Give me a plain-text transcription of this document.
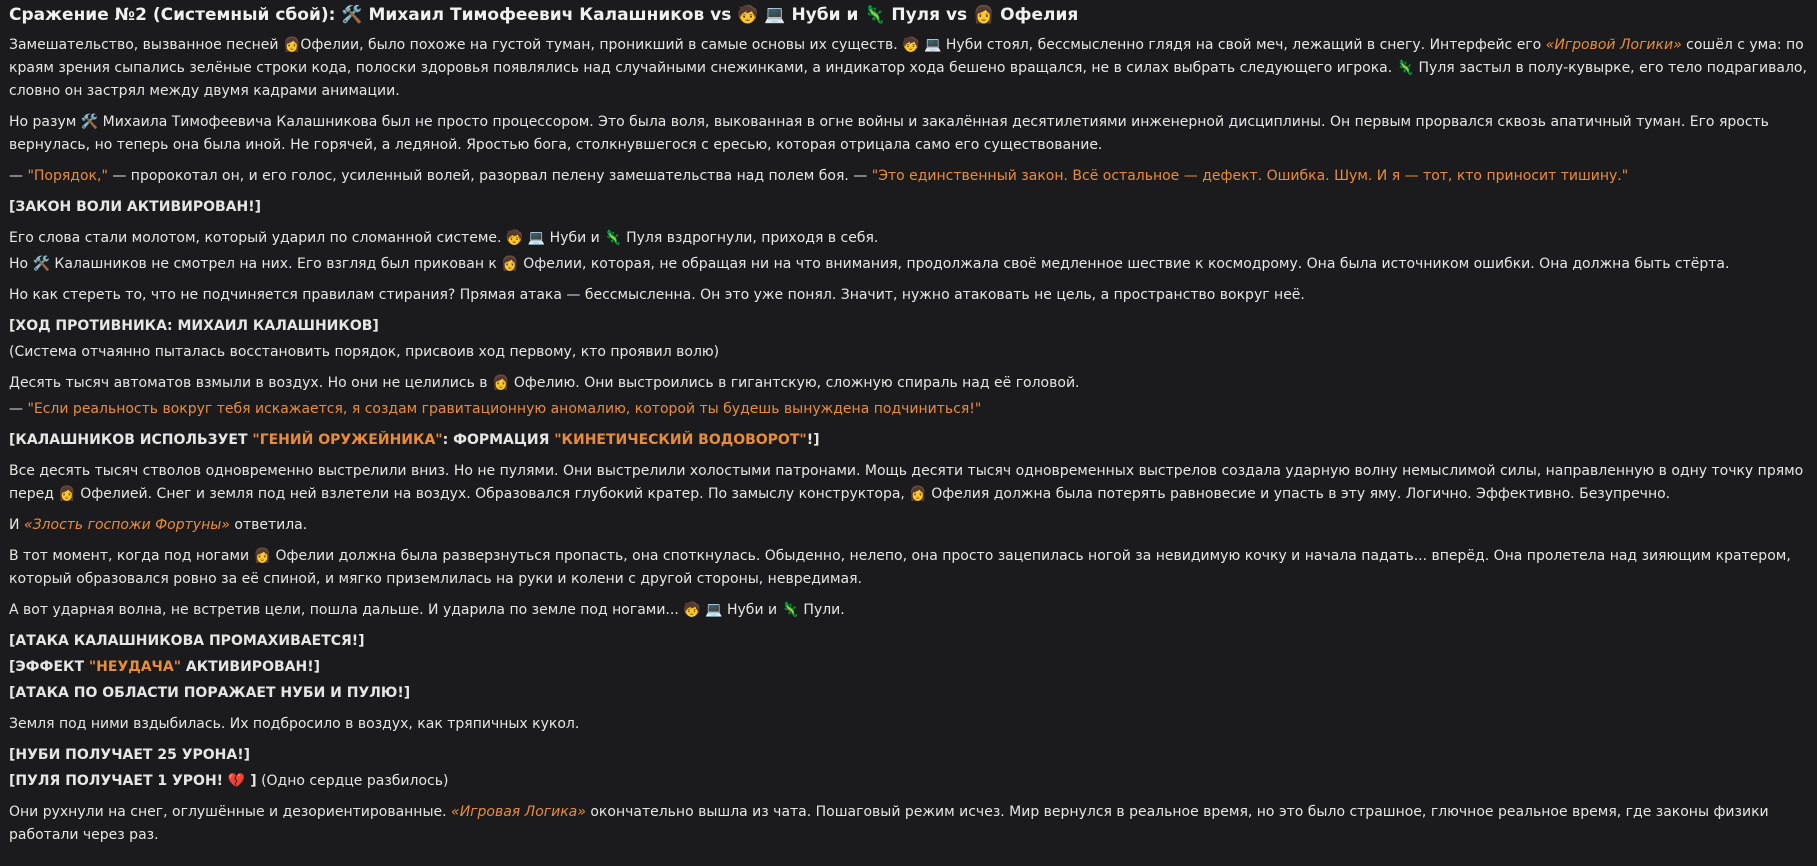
Сражение №2 (Системный сбой): 🛠️ Михаил Тимофеевич Калашников vs 🧒 💻 Нуби и 🦎 Пуля vs 👩 Офелия

Замешательство, вызванное песней 👩Офелии, было похоже на густой туман, проникший в самые основы их существ. 🧒 💻 Нуби стоял, бессмысленно глядя на свой меч, лежащий в снегу. Интерфейс его «Игровой Логики» сошёл с ума: по краям зрения сыпались зелёные строки кода, полоски здоровья появлялись над случайными снежинками, а индикатор хода бешено вращался, не в силах выбрать следующего игрока. 🦎 Пуля застыл в полу-кувырке, его тело подрагивало, словно он застрял между двумя кадрами анимации.

Но разум 🛠️ Михаила Тимофеевича Калашникова был не просто процессором. Это была воля, выкованная в огне войны и закалённая десятилетиями инженерной дисциплины. Он первым прорвался сквозь апатичный туман. Его ярость вернулась, но теперь она была иной. Не горячей, а ледяной. Яростью бога, столкнувшегося с ересью, которая отрицала само его существование.

— "Порядок," — пророкотал он, и его голос, усиленный волей, разорвал пелену замешательства над полем боя. — "Это единственный закон. Всё остальное — дефект. Ошибка. Шум. И я — тот, кто приносит тишину."

[ЗАКОН ВОЛИ АКТИВИРОВАН!]

Его слова стали молотом, который ударил по сломанной системе. 🧒 💻 Нуби и 🦎 Пуля вздрогнули, приходя в себя.

Но 🛠️ Калашников не смотрел на них. Его взгляд был прикован к 👩 Офелии, которая, не обращая ни на что внимания, продолжала своё медленное шествие к космодрому. Она была источником ошибки. Она должна быть стёрта.

Но как стереть то, что не подчиняется правилам стирания? Прямая атака — бессмысленна. Он это уже понял. Значит, нужно атаковать не цель, а пространство вокруг неё.

[ХОД ПРОТИВНИКА: МИХАИЛ КАЛАШНИКОВ]

(Система отчаянно пыталась восстановить порядок, присвоив ход первому, кто проявил волю)

Десять тысяч автоматов взмыли в воздух. Но они не целились в 👩 Офелию. Они выстроились в гигантскую, сложную спираль над её головой.

— "Если реальность вокруг тебя искажается, я создам гравитационную аномалию, которой ты будешь вынуждена подчиниться!"

[КАЛАШНИКОВ ИСПОЛЬЗУЕТ "ГЕНИЙ ОРУЖЕЙНИКА": ФОРМАЦИЯ "КИНЕТИЧЕСКИЙ ВОДОВОРОТ"!]

Все десять тысяч стволов одновременно выстрелили вниз. Но не пулями. Они выстрелили холостыми патронами. Мощь десяти тысяч одновременных выстрелов создала ударную волну немыслимой силы, направленную в одну точку прямо перед 👩 Офелией. Снег и земля под ней взлетели на воздух. Образовался глубокий кратер. По замыслу конструктора, 👩 Офелия должна была потерять равновесие и упасть в эту яму. Логично. Эффективно. Безупречно.

И «Злость госпожи Фортуны» ответила.

В тот момент, когда под ногами 👩 Офелии должна была разверзнуться пропасть, она споткнулась. Обыденно, нелепо, она просто зацепилась ногой за невидимую кочку и начала падать... вперёд. Она пролетела над зияющим кратером, который образовался ровно за её спиной, и мягко приземлилась на руки и колени с другой стороны, невредимая.

А вот ударная волна, не встретив цели, пошла дальше. И ударила по земле под ногами... 🧒 💻 Нуби и 🦎 Пули.

[АТАКА КАЛАШНИКОВА ПРОМАХИВАЕТСЯ!]

[ЭФФЕКТ "НЕУДАЧА" АКТИВИРОВАН!]

[АТАКА ПО ОБЛАСТИ ПОРАЖАЕТ НУБИ И ПУЛЮ!]

Земля под ними вздыбилась. Их подбросило в воздух, как тряпичных кукол.

[НУБИ ПОЛУЧАЕТ 25 УРОНА!]

[ПУЛЯ ПОЛУЧАЕТ 1 УРОН! 💔 ] (Одно сердце разбилось)

Они рухнули на снег, оглушённые и дезориентированные. «Игровая Логика» окончательно вышла из чата. Пошаговый режим исчез. Мир вернулся в реальное время, но это было страшное, глючное реальное время, где законы физики работали через раз.
